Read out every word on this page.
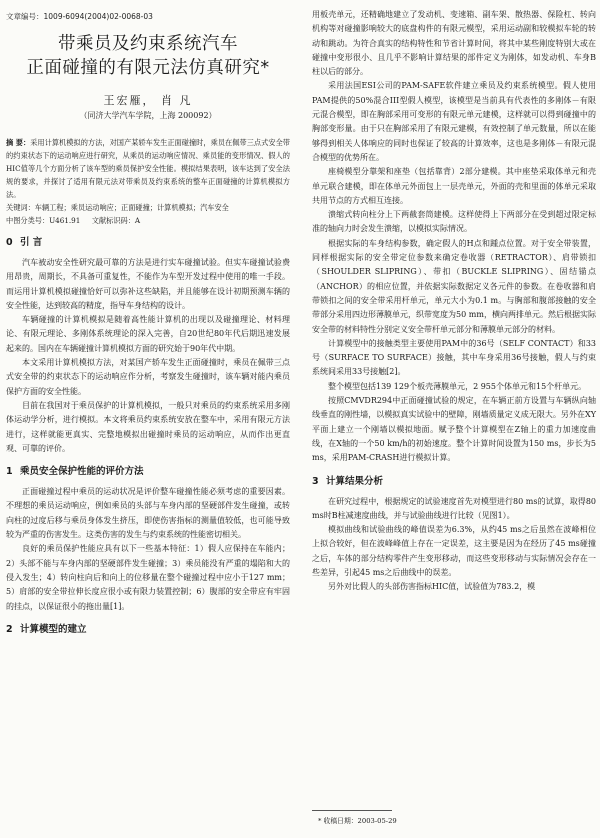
文章编号：1009-6094(2004)02-0068-03
带乘员及约束系统汽车
正面碰撞的有限元法仿真研究*
王宏雁， 肖 凡
（同济大学汽车学院，上海 200092）

摘 要：采用计算机模拟的方法，对国产某轿车发生正面碰撞时，乘员在佩带三点式安全带的约束状态下的运动响应进行研究，从乘员的运动响应情况、乘员能的变形情况、假人的HIC值等几个方面分析了该车型的乘员保护安全性能。模拟结果表明，该车达到了安全法规的要求，并探讨了适用有限元法对带乘员及约束系统的整车正面碰撞的计算机模拟方法。

关键词：车辆工程；乘员运动响应；正面碰撞；计算机模拟；汽车安全

中图分类号：U461.91 文献标识码：A

0 引 言

汽车被动安全性研究最可靠的方法是进行实车碰撞试验。但实车碰撞试验费用昂贵，周期长，不具备可重复性，不能作为车型开发过程中使用的唯一手段。而运用计算机模拟碰撞恰好可以弥补这些缺陷，并且能够在设计初期预测车辆的安全性能，达到较高的精度，指导车身结构的设计。

车辆碰撞的计算机模拟是随着高性能计算机的出现以及碰撞理论、材料理论、有限元理论、多刚体系统理论的深入完善，自20世纪80年代后期迅速发展起来的。国内在车辆碰撞计算机模拟方面的研究始于90年代中期。

本文采用计算机模拟方法，对某国产轿车发生正面碰撞时，乘员在佩带三点式安全带的约束状态下的运动响应作分析，考察发生碰撞时，该车辆对能内乘员保护方面的安全性能。

目前在我国对于乘员保护的计算机模拟，一般只对乘员的约束系统采用多刚体运动学分析，进行模拟。本文将乘员约束系统安放在整车中，采用有限元方法进行，这样就能更真实、完整地模拟出碰撞时乘员的运动响应，从而作出更直观、可靠的评价。

1 乘员安全保护性能的评价方法

正面碰撞过程中乘员的运动状况是评价整车碰撞性能必须考虑的重要因素。不理想的乘员运动响应，例如乘员的头部与车身内部的坚硬部件发生碰撞，或转向柱的过度后移与乘员身体发生挤压，即使伤害指标的测量值较低，也可能导致较为严重的伤害发生。这类伤害的发生与约束系统的性能密切相关。

良好的乘员保护性能应具有以下一些基本特征：1）假人应保持在车能内；2）头部不能与车身内部的坚硬部件发生碰撞；3）乘员能没有严重的塌陷和大的侵入发生；4）转向柱向后和向上的位移量在整个碰撞过程中应小于127 mm；5）肩部的安全带拉伸长度应很小或有限力装置控制；6）腹部的安全带应有牢固的挂点，以保证很小的拖出量[1]。

2 计算模型的建立

用板壳单元，还精确地建立了发动机、变速箱、副车架、散热器、保险杠、转向机构等对碰撞影响较大的底盘构件的有限元模型，采用运动副和较模拟车轮的转动和跳动。为符合真实的结构特性和节省计算时间，将其中某些刚度特别大或在碰撞中变形很小、且几乎不影响计算结果的部件定义为刚体，如发动机、车身B柱以后的部分。

采用法国ESI公司的PAM-SAFE软件建立乘员及约束系统模型。假人使用PAM提供的50%混合III型假人模型，该模型是当前具有代表性的多刚体－有限元混合模型，即在胸部采用可变形的有限元单元建模，这样就可以得到碰撞中的胸部变形量。由于只在胸部采用了有限元建模，有效控制了单元数量，所以在能够得到相关人体响应的同时也保证了较高的计算效率，这也是多刚体－有限元混合模型的优势所在。

座椅模型分靠架和座垫（包括靠背）2部分建模。其中座垫采取体单元和壳单元联合建模，即在体单元外面包上一层壳单元，外面的壳和里面的体单元采取共用节点的方式相互连接。

溃缩式转向柱分上下两截套筒建模。这样使得上下两部分在受到超过限定标准的轴向力时会发生溃缩，以模拟实际情况。

根据实际的车身结构参数，确定假人的H点和踵点位置。对于安全带装置，同样根据实际的安全带定位参数来确定卷收器（RETRACTOR）、肩带锁扣（SHOULDER SLIPRING）、带扣（BUCKLE SLIPRING）、固结锚点（ANCHOR）的相应位置，并依据实际数据定义各元件的参数。在卷收器和肩带锁扣之间的安全带采用杆单元，单元大小为0.1 m。与胸部和腹部接触的安全带部分采用四边形薄膜单元，织带宽度为50 mm，横向两排单元。然后根据实际安全带的材料特性分别定义安全带杆单元部分和薄膜单元部分的材料。

计算模型中的接触类型主要使用PAM中的36号（SELF CONTACT）和33号（SURFACE TO SURFACE）接触，其中车身采用36号接触，假人与约束系统间采用33号接触[2]。

整个模型包括139 129个板壳薄膜单元，2 955个体单元和15个杆单元。

按照CMVDR294中正面碰撞试验的规定，在车辆正前方设置与车辆纵向轴线垂直的刚性墙，以模拟真实试验中的壁障，刚墙质量定义成无限大。另外在XY平面上建立一个刚墙以模拟地面。赋予整个计算模型在Z轴上的重力加速度曲线，在X轴的一个50 km/h的初始速度。整个计算时间设置为150 ms，步长为5 ms，采用PAM-CRASH进行模拟计算。

3 计算结果分析

在研究过程中，根据规定的试验速度首先对模型进行80 ms的试算，取得80 ms时B柱减速度曲线，并与试验曲线进行比较（见图1）。

模拟曲线和试验曲线的峰值误差为6.3%，从约45 ms之后虽然在波峰相位上拟合较好，但在波峰峰值上存在一定误差，这主要是因为在经历了45 ms碰撞之后，车体的部分结构零件产生变形移动，而这些变形移动与实际情况会存在一些差异，引起45 ms之后曲线中的误差。

另外对比假人的头部伤害指标HIC值，试验值为783.2，模

* 收稿日期：2003-05-29
